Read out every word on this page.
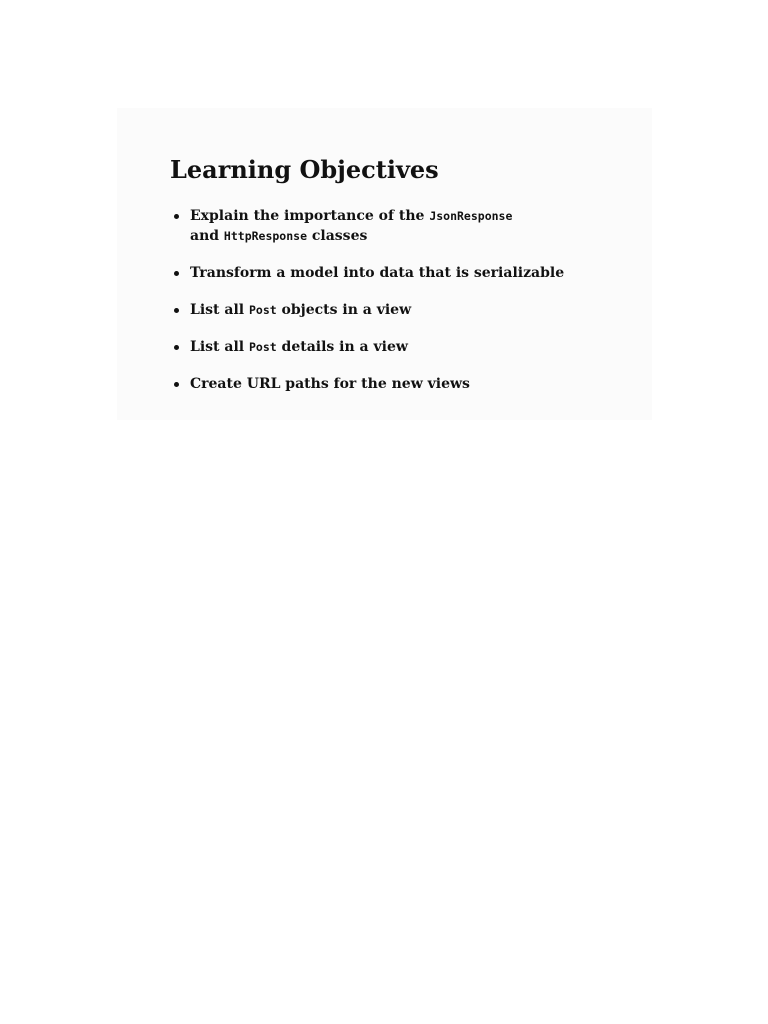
Learning Objectives
Explain the importance of the JsonResponse and HttpResponse classes
Transform a model into data that is serializable
List all Post objects in a view
List all Post details in a view
Create URL paths for the new views
